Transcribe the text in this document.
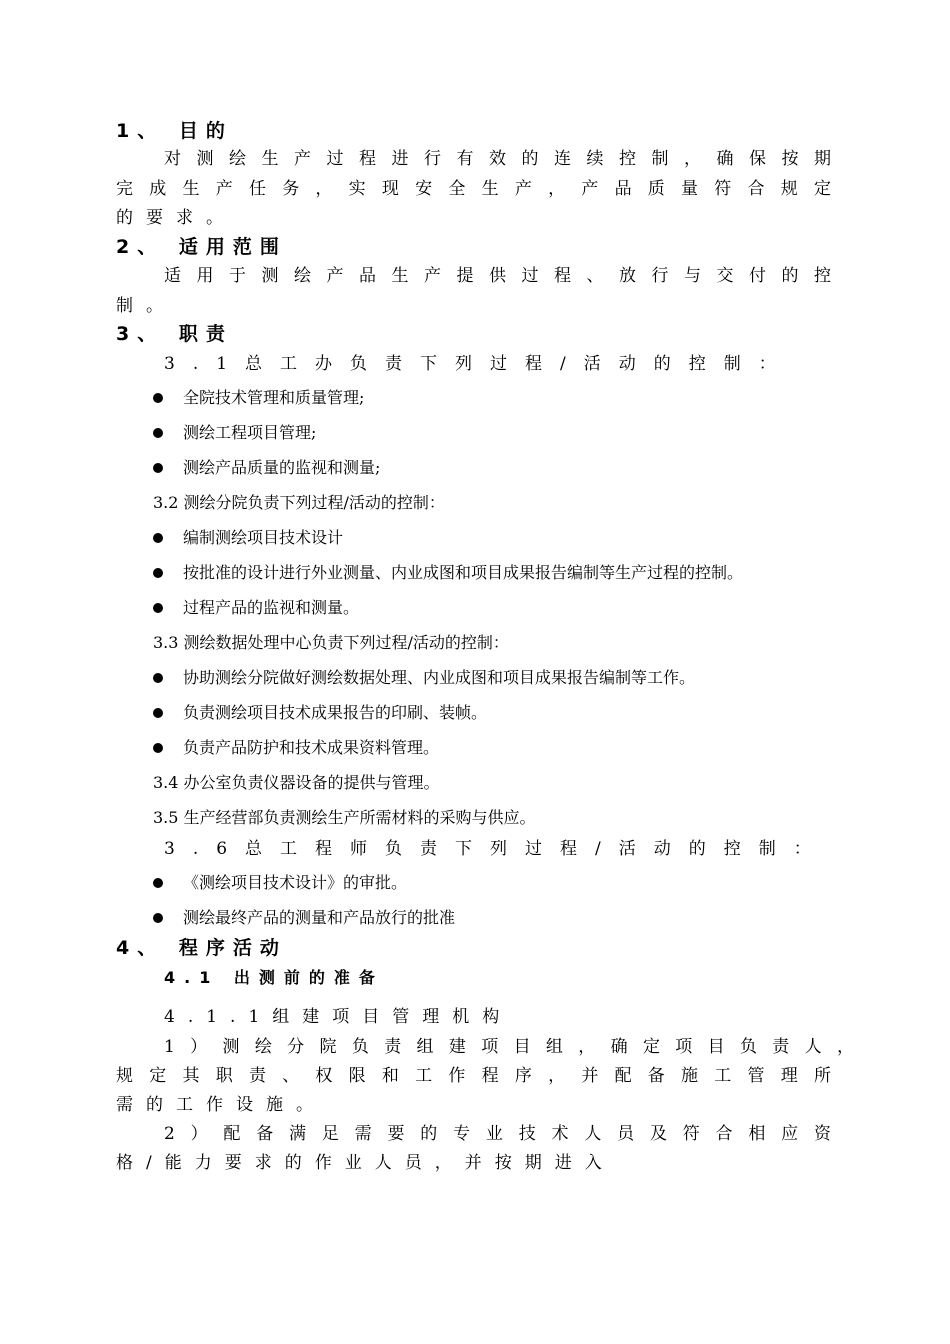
1、 目的
对测绘生产过程进行有效的连续控制，确保按期
完成生产任务，实现安全生产，产品质量符合规定
的要求。
2、 适用范围
适用于测绘产品生产提供过程、放行与交付的控
制。
3、 职责
3.1总工办负责下列过程/活动的控制：
全院技术管理和质量管理;
测绘工程项目管理;
测绘产品质量的监视和测量;
3.2 测绘分院负责下列过程/活动的控制：
编制测绘项目技术设计
按批准的设计进行外业测量、内业成图和项目成果报告编制等生产过程的控制。
过程产品的监视和测量。
3.3 测绘数据处理中心负责下列过程/活动的控制：
协助测绘分院做好测绘数据处理、内业成图和项目成果报告编制等工作。
负责测绘项目技术成果报告的印刷、装帧。
负责产品防护和技术成果资料管理。
3.4 办公室负责仪器设备的提供与管理。
3.5 生产经营部负责测绘生产所需材料的采购与供应。
3.6总工程师负责下列过程/活动的控制：
《测绘项目技术设计》的审批。
测绘最终产品的测量和产品放行的批准
4、 程序活动
4.1 出测前的准备
4.1.1组建项目管理机构
1）测绘分院负责组建项目组，确定项目负责人，
规定其职责、权限和工作程序，并配备施工管理所
需的工作设施。
2）配备满足需要的专业技术人员及符合相应资
格/能力要求的作业人员，并按期进入
